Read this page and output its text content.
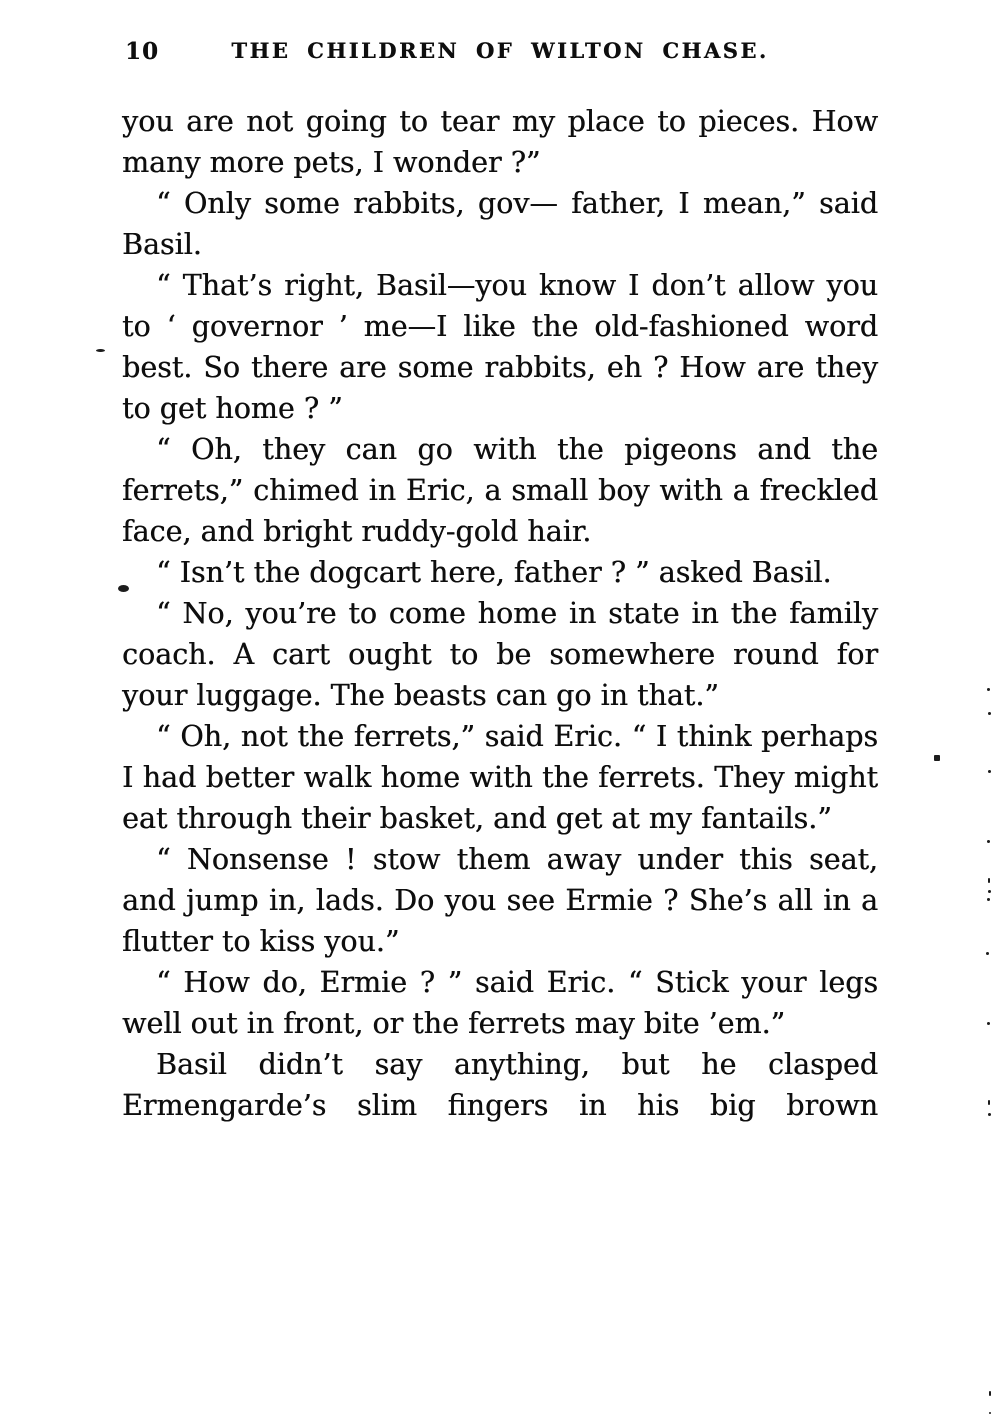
10	THE CHILDREN OF WILTON CHASE.

you are not going to tear my place to pieces. How many more pets, I wonder ?”

“ Only some rabbits, gov— father, I mean,” said Basil.

“ That’s right, Basil—you know I don’t allow you to ‘ governor ’ me—I like the old-fashioned word best. So there are some rabbits, eh ? How are they to get home ? ”

“ Oh, they can go with the pigeons and the ferrets,” chimed in Eric, a small boy with a freckled face, and bright ruddy-gold hair.

“ Isn’t the dogcart here, father ? ” asked Basil.

“ No, you’re to come home in state in the family coach. A cart ought to be somewhere round for your luggage. The beasts can go in that.”

“ Oh, not the ferrets,” said Eric. “ I think perhaps I had better walk home with the ferrets. They might eat through their basket, and get at my fantails.”

“ Nonsense ! stow them away under this seat, and jump in, lads. Do you see Ermie ? She’s all in a flutter to kiss you.”

“ How do, Ermie ? ” said Eric. “ Stick your legs well out in front, or the ferrets may bite ’em.”

Basil didn’t say anything, but he clasped Ermengarde’s slim fingers in his big brown
